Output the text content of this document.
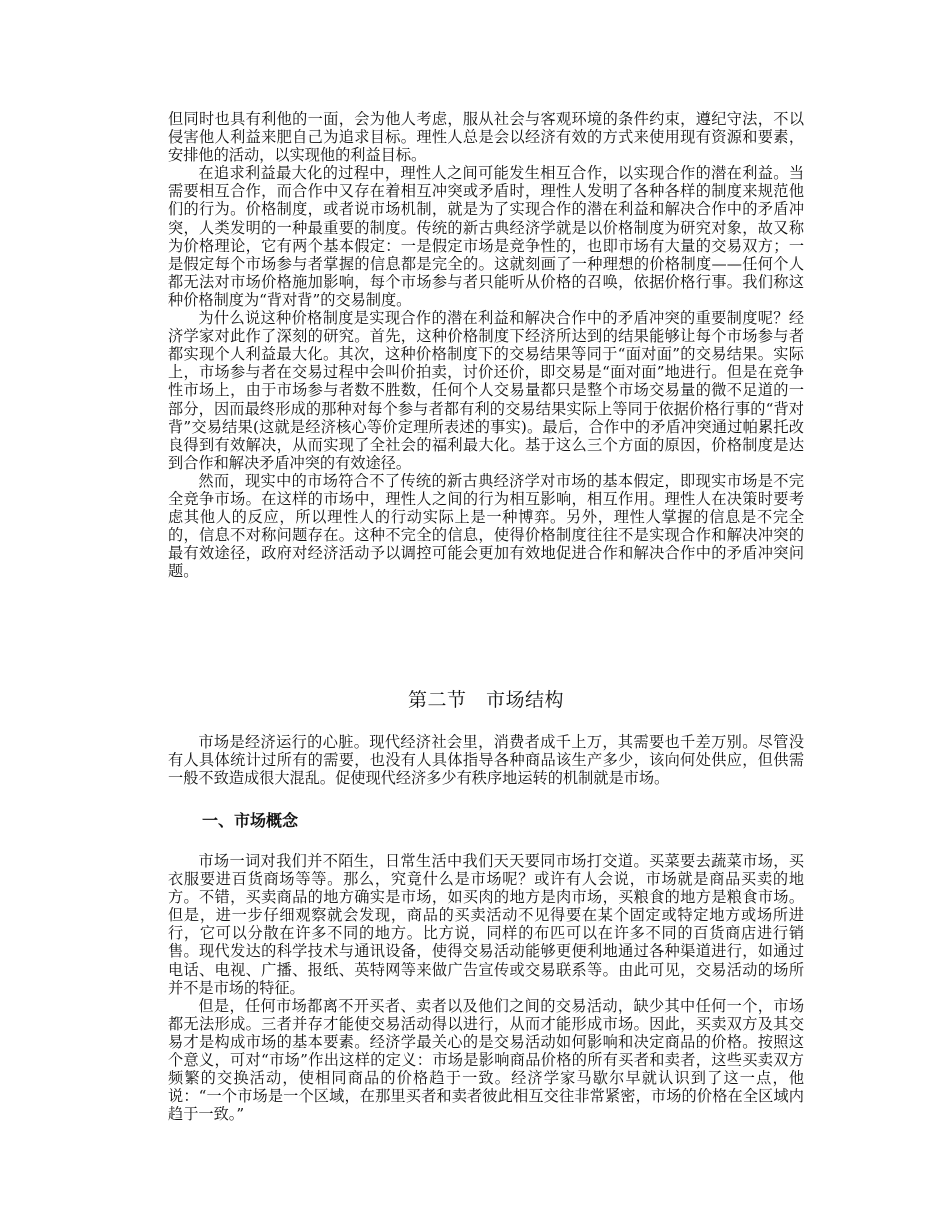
但同时也具有利他的一面，会为他人考虑，服从社会与客观环境的条件约束，遵纪守法，不以侵害他人利益来肥自己为追求目标。理性人总是会以经济有效的方式来使用现有资源和要素，安排他的活动，以实现他的利益目标。

在追求利益最大化的过程中，理性人之间可能发生相互合作，以实现合作的潜在利益。当需要相互合作，而合作中又存在着相互冲突或矛盾时，理性人发明了各种各样的制度来规范他们的行为。价格制度，或者说市场机制，就是为了实现合作的潜在利益和解决合作中的矛盾冲突，人类发明的一种最重要的制度。传统的新古典经济学就是以价格制度为研究对象，故又称为价格理论，它有两个基本假定：一是假定市场是竞争性的，也即市场有大量的交易双方；一是假定每个市场参与者掌握的信息都是完全的。这就刻画了一种理想的价格制度——任何个人都无法对市场价格施加影响，每个市场参与者只能听从价格的召唤，依据价格行事。我们称这种价格制度为“背对背”的交易制度。

为什么说这种价格制度是实现合作的潜在利益和解决合作中的矛盾冲突的重要制度呢？经济学家对此作了深刻的研究。首先，这种价格制度下经济所达到的结果能够让每个市场参与者都实现个人利益最大化。其次，这种价格制度下的交易结果等同于“面对面”的交易结果。实际上，市场参与者在交易过程中会叫价拍卖，讨价还价，即交易是“面对面”地进行。但是在竞争性市场上，由于市场参与者数不胜数，任何个人交易量都只是整个市场交易量的微不足道的一部分，因而最终形成的那种对每个参与者都有利的交易结果实际上等同于依据价格行事的“背对背”交易结果(这就是经济核心等价定理所表述的事实)。最后，合作中的矛盾冲突通过帕累托改良得到有效解决，从而实现了全社会的福利最大化。基于这么三个方面的原因，价格制度是达到合作和解决矛盾冲突的有效途径。

然而，现实中的市场符合不了传统的新古典经济学对市场的基本假定，即现实市场是不完全竞争市场。在这样的市场中，理性人之间的行为相互影响，相互作用。理性人在决策时要考虑其他人的反应，所以理性人的行动实际上是一种博弈。另外，理性人掌握的信息是不完全的，信息不对称问题存在。这种不完全的信息，使得价格制度往往不是实现合作和解决冲突的最有效途径，政府对经济活动予以调控可能会更加有效地促进合作和解决合作中的矛盾冲突问题。

第二节　市场结构

市场是经济运行的心脏。现代经济社会里，消费者成千上万，其需要也千差万别。尽管没有人具体统计过所有的需要，也没有人具体指导各种商品该生产多少，该向何处供应，但供需一般不致造成很大混乱。促使现代经济多少有秩序地运转的机制就是市场。

一、市场概念

市场一词对我们并不陌生，日常生活中我们天天要同市场打交道。买菜要去蔬菜市场，买衣服要进百货商场等等。那么，究竟什么是市场呢？或许有人会说，市场就是商品买卖的地方。不错，买卖商品的地方确实是市场，如买肉的地方是肉市场，买粮食的地方是粮食市场。但是，进一步仔细观察就会发现，商品的买卖活动不见得要在某个固定或特定地方或场所进行，它可以分散在许多不同的地方。比方说，同样的布匹可以在许多不同的百货商店进行销售。现代发达的科学技术与通讯设备，使得交易活动能够更便利地通过各种渠道进行，如通过电话、电视、广播、报纸、英特网等来做广告宣传或交易联系等。由此可见，交易活动的场所并不是市场的特征。

但是，任何市场都离不开买者、卖者以及他们之间的交易活动，缺少其中任何一个，市场都无法形成。三者并存才能使交易活动得以进行，从而才能形成市场。因此，买卖双方及其交易才是构成市场的基本要素。经济学最关心的是交易活动如何影响和决定商品的价格。按照这个意义，可对“市场”作出这样的定义：市场是影响商品价格的所有买者和卖者，这些买卖双方频繁的交换活动，使相同商品的价格趋于一致。经济学家马歇尔早就认识到了这一点，他说：“一个市场是一个区域，在那里买者和卖者彼此相互交往非常紧密，市场的价格在全区域内趋于一致。”
